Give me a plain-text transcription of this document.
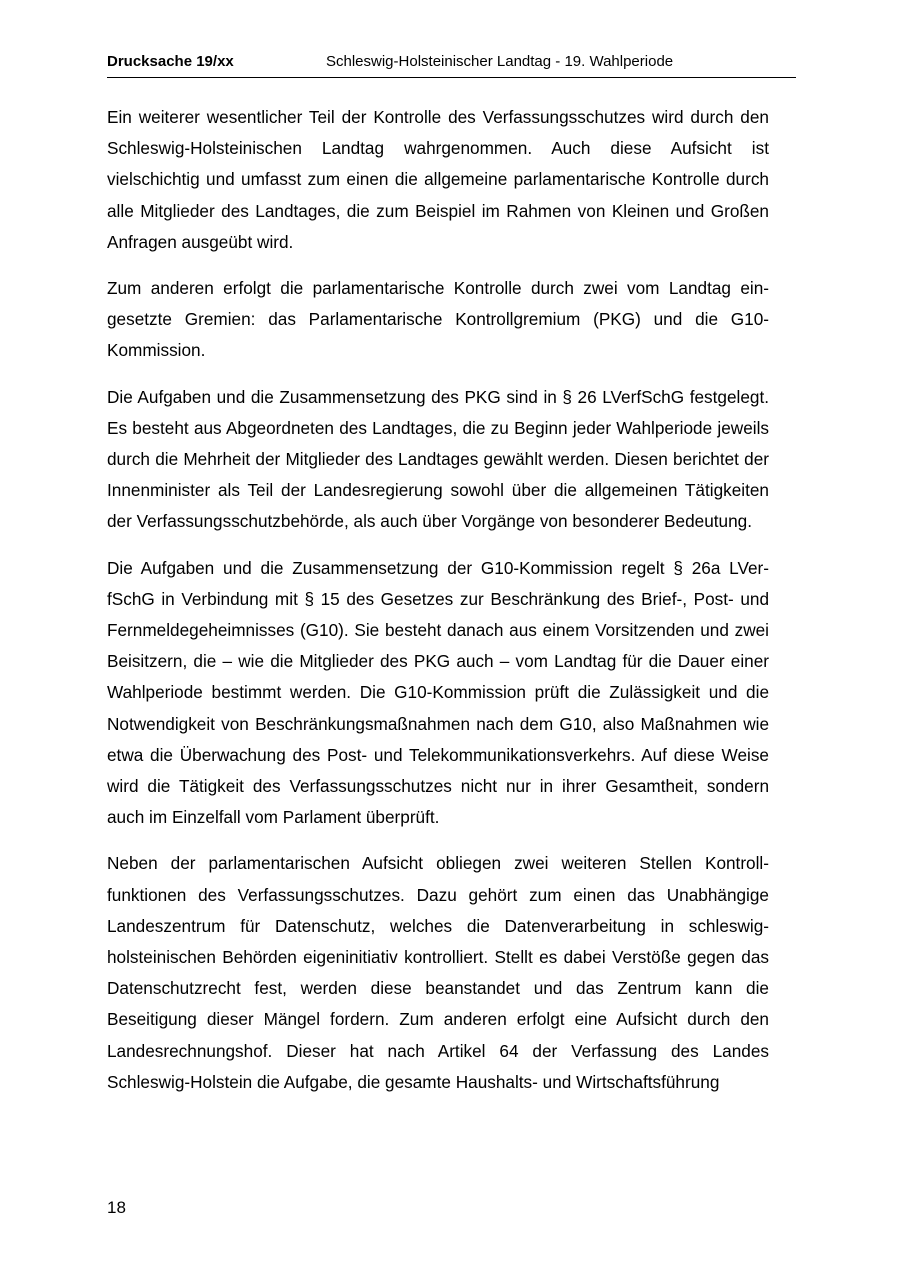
Drucksache 19/xx	Schleswig-Holsteinischer Landtag - 19. Wahlperiode

Ein weiterer wesentlicher Teil der Kontrolle des Verfassungsschutzes wird durch den Schleswig-Holsteinischen Landtag wahrgenommen. Auch diese Aufsicht ist vielschichtig und umfasst zum einen die allgemeine parlamentarische Kontrolle durch alle Mitglieder des Landtages, die zum Beispiel im Rahmen von Kleinen und Großen Anfragen ausgeübt wird.

Zum anderen erfolgt die parlamentarische Kontrolle durch zwei vom Landtag eingesetzte Gremien: das Parlamentarische Kontrollgremium (PKG) und die G10-Kommission.

Die Aufgaben und die Zusammensetzung des PKG sind in § 26 LVerfSchG festgelegt. Es besteht aus Abgeordneten des Landtages, die zu Beginn jeder Wahlperiode jeweils durch die Mehrheit der Mitglieder des Landtages gewählt werden. Diesen berichtet der Innenminister als Teil der Landesregierung sowohl über die allgemeinen Tätigkeiten der Verfassungsschutzbehörde, als auch über Vorgänge von besonderer Bedeutung.

Die Aufgaben und die Zusammensetzung der G10-Kommission regelt § 26a LVerfSchG in Verbindung mit § 15 des Gesetzes zur Beschränkung des Brief-, Post- und Fernmeldegeheimnisses (G10). Sie besteht danach aus einem Vorsitzenden und zwei Beisitzern, die – wie die Mitglieder des PKG auch – vom Landtag für die Dauer einer Wahlperiode bestimmt werden. Die G10-Kommission prüft die Zulässigkeit und die Notwendigkeit von Beschränkungsmaßnahmen nach dem G10, also Maßnahmen wie etwa die Überwachung des Post- und Telekommunikationsverkehrs. Auf diese Weise wird die Tätigkeit des Verfassungsschutzes nicht nur in ihrer Gesamtheit, sondern auch im Einzelfall vom Parlament überprüft.

Neben der parlamentarischen Aufsicht obliegen zwei weiteren Stellen Kontrollfunktionen des Verfassungsschutzes. Dazu gehört zum einen das Unabhängige Landeszentrum für Datenschutz, welches die Datenverarbeitung in schleswigholsteinischen Behörden eigeninitiativ kontrolliert. Stellt es dabei Verstöße gegen das Datenschutzrecht fest, werden diese beanstandet und das Zentrum kann die Beseitigung dieser Mängel fordern. Zum anderen erfolgt eine Aufsicht durch den Landesrechnungshof. Dieser hat nach Artikel 64 der Verfassung des Landes Schleswig-Holstein die Aufgabe, die gesamte Haushalts- und Wirtschaftsführung

18
